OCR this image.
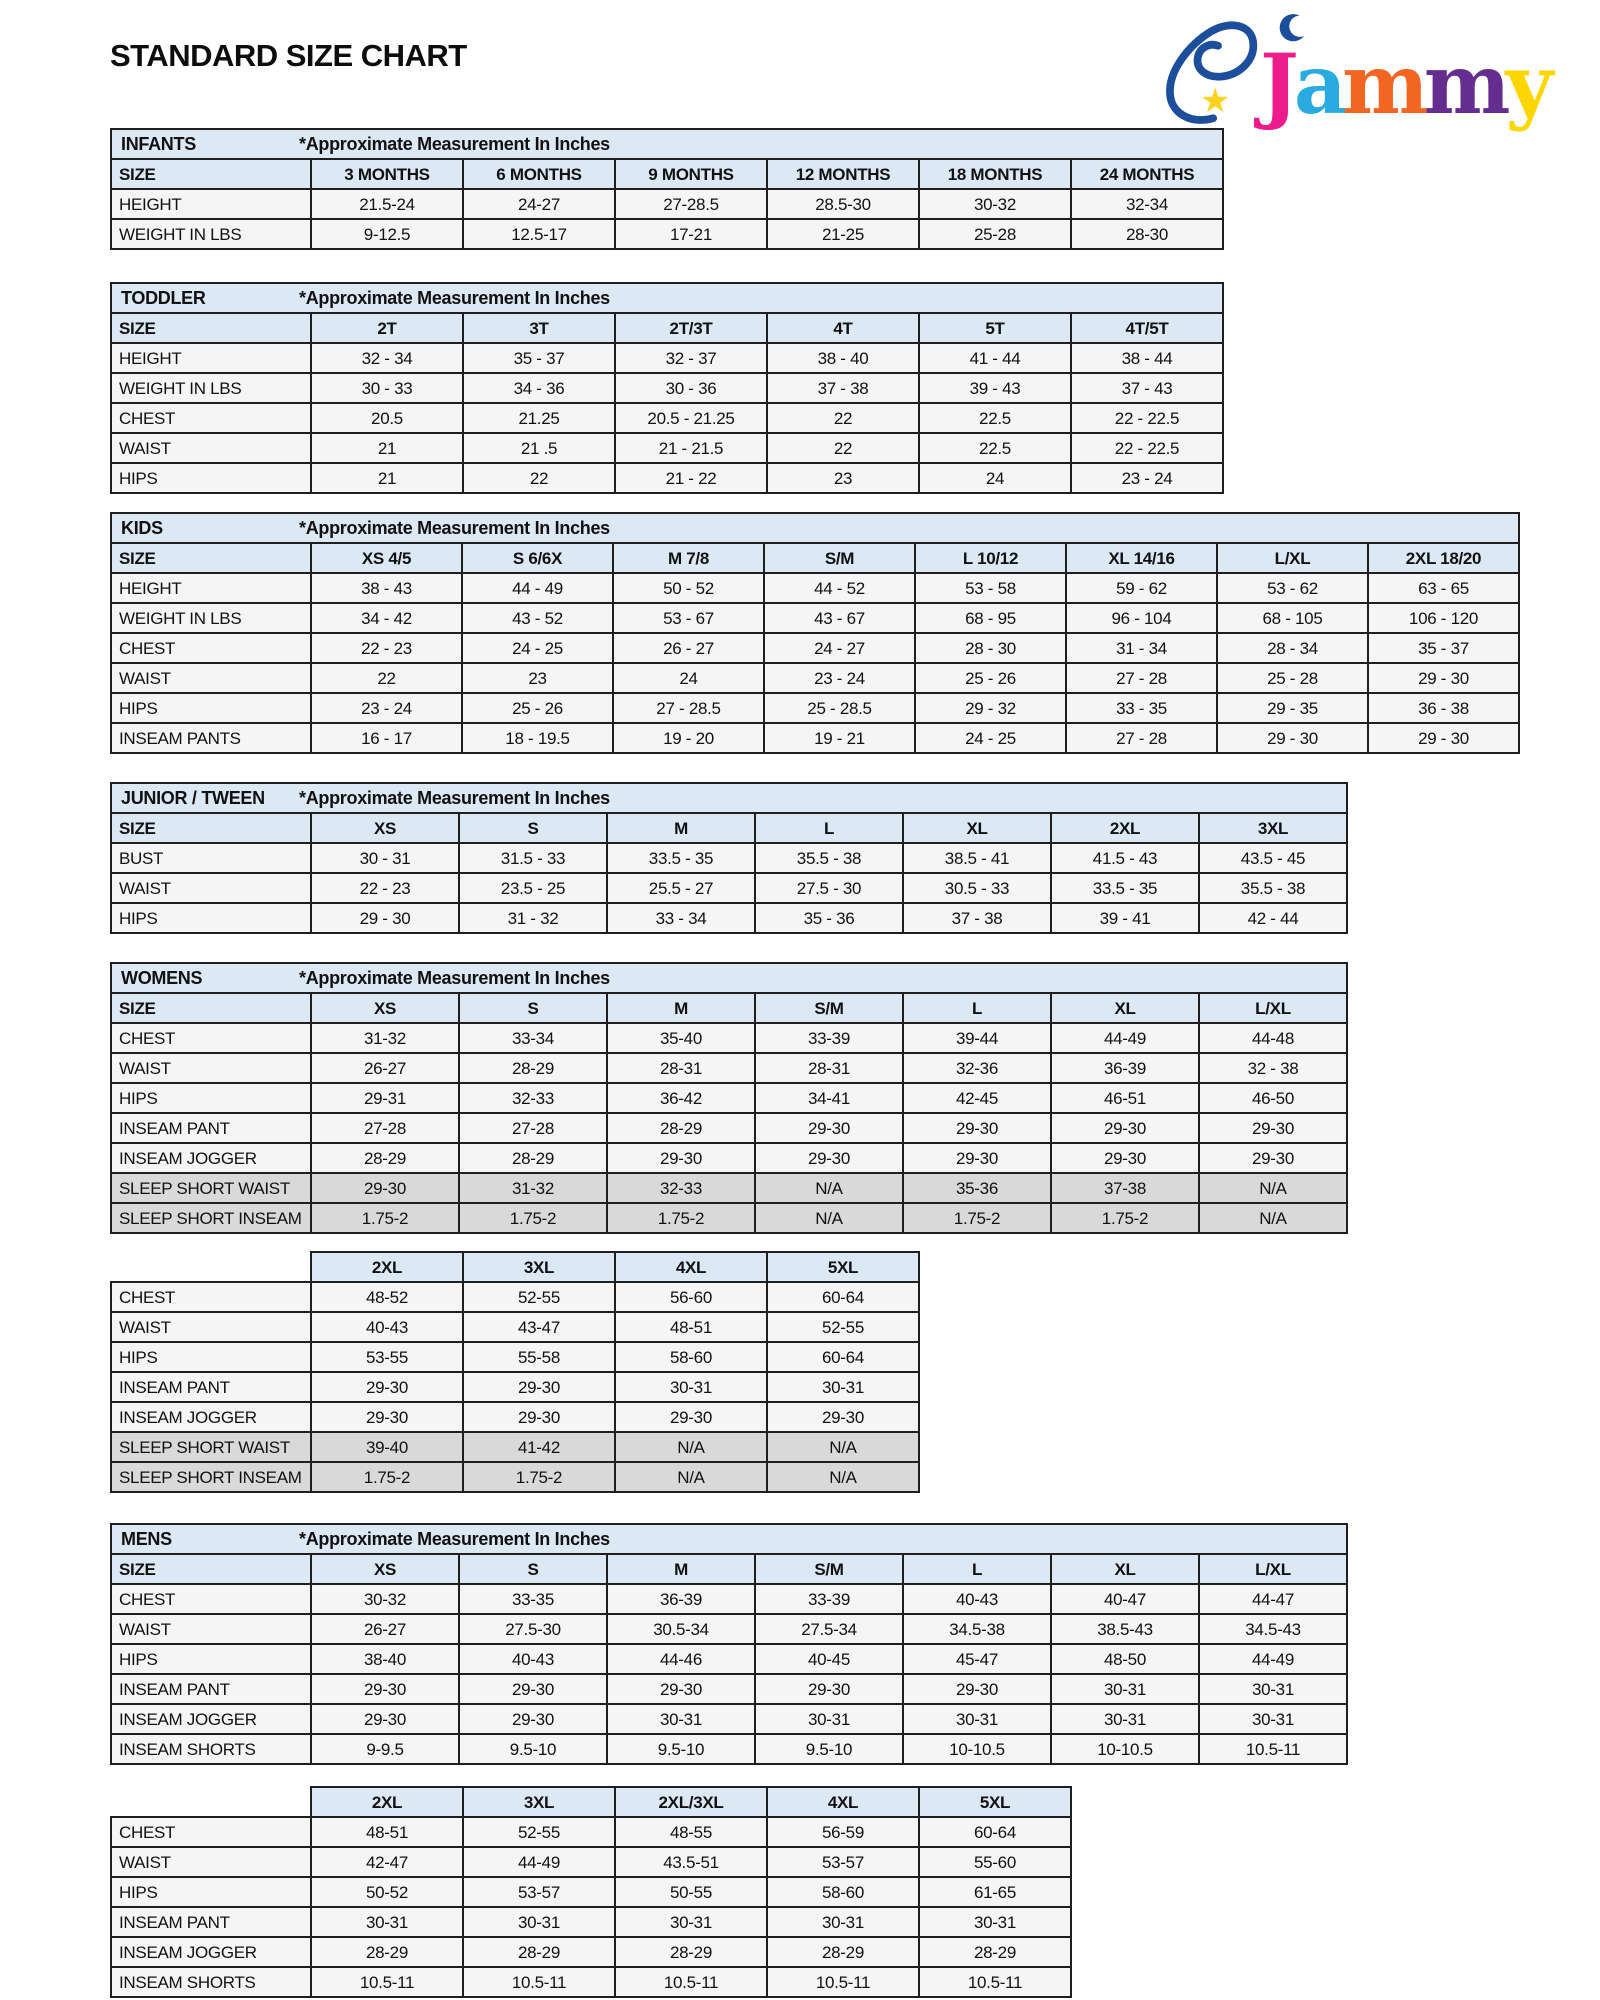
STANDARD SIZE CHART
★ J a m m y
INFANTS *Approximate Measurement In Inches						
SIZE	3 MONTHS	6 MONTHS	9 MONTHS	12 MONTHS	18 MONTHS	24 MONTHS
HEIGHT	21.5-24	24-27	27-28.5	28.5-30	30-32	32-34
WEIGHT IN LBS	9-12.5	12.5-17	17-21	21-25	25-28	28-30
TODDLER *Approximate Measurement In Inches						
SIZE	2T	3T	2T/3T	4T	5T	4T/5T
HEIGHT	32 - 34	35 - 37	32 - 37	38 - 40	41 - 44	38 - 44
WEIGHT IN LBS	30 - 33	34 - 36	30 - 36	37 - 38	39 - 43	37 - 43
CHEST	20.5	21.25	20.5 - 21.25	22	22.5	22 - 22.5
WAIST	21	21 .5	21 - 21.5	22	22.5	22 - 22.5
HIPS	21	22	21 - 22	23	24	23 - 24
KIDS *Approximate Measurement In Inches								
SIZE	XS 4/5	S 6/6X	M 7/8	S/M	L 10/12	XL 14/16	L/XL	2XL 18/20
HEIGHT	38 - 43	44 - 49	50 - 52	44 - 52	53 - 58	59 - 62	53 - 62	63 - 65
WEIGHT IN LBS	34 - 42	43 - 52	53 - 67	43 - 67	68 - 95	96 - 104	68 - 105	106 - 120
CHEST	22 - 23	24 - 25	26 - 27	24 - 27	28 - 30	31 - 34	28 - 34	35 - 37
WAIST	22	23	24	23 - 24	25 - 26	27 - 28	25 - 28	29 - 30
HIPS	23 - 24	25 - 26	27 - 28.5	25 - 28.5	29 - 32	33 - 35	29 - 35	36 - 38
INSEAM PANTS	16 - 17	18 - 19.5	19 - 20	19 - 21	24 - 25	27 - 28	29 - 30	29 - 30
JUNIOR / TWEEN *Approximate Measurement In Inches							
SIZE	XS	S	M	L	XL	2XL	3XL
BUST	30 - 31	31.5 - 33	33.5 - 35	35.5 - 38	38.5 - 41	41.5 - 43	43.5 - 45
WAIST	22 - 23	23.5 - 25	25.5 - 27	27.5 - 30	30.5 - 33	33.5 - 35	35.5 - 38
HIPS	29 - 30	31 - 32	33 - 34	35 - 36	37 - 38	39 - 41	42 - 44
WOMENS *Approximate Measurement In Inches							
SIZE	XS	S	M	S/M	L	XL	L/XL
CHEST	31-32	33-34	35-40	33-39	39-44	44-49	44-48
WAIST	26-27	28-29	28-31	28-31	32-36	36-39	32 - 38
HIPS	29-31	32-33	36-42	34-41	42-45	46-51	46-50
INSEAM PANT	27-28	27-28	28-29	29-30	29-30	29-30	29-30
INSEAM JOGGER	28-29	28-29	29-30	29-30	29-30	29-30	29-30
SLEEP SHORT WAIST	29-30	31-32	32-33	N/A	35-36	37-38	N/A
SLEEP SHORT INSEAM	1.75-2	1.75-2	1.75-2	N/A	1.75-2	1.75-2	N/A
	2XL	3XL	4XL	5XL
CHEST	48-52	52-55	56-60	60-64
WAIST	40-43	43-47	48-51	52-55
HIPS	53-55	55-58	58-60	60-64
INSEAM PANT	29-30	29-30	30-31	30-31
INSEAM JOGGER	29-30	29-30	29-30	29-30
SLEEP SHORT WAIST	39-40	41-42	N/A	N/A
SLEEP SHORT INSEAM	1.75-2	1.75-2	N/A	N/A
MENS *Approximate Measurement In Inches							
SIZE	XS	S	M	S/M	L	XL	L/XL
CHEST	30-32	33-35	36-39	33-39	40-43	40-47	44-47
WAIST	26-27	27.5-30	30.5-34	27.5-34	34.5-38	38.5-43	34.5-43
HIPS	38-40	40-43	44-46	40-45	45-47	48-50	44-49
INSEAM PANT	29-30	29-30	29-30	29-30	29-30	30-31	30-31
INSEAM JOGGER	29-30	29-30	30-31	30-31	30-31	30-31	30-31
INSEAM SHORTS	9-9.5	9.5-10	9.5-10	9.5-10	10-10.5	10-10.5	10.5-11
	2XL	3XL	2XL/3XL	4XL	5XL
CHEST	48-51	52-55	48-55	56-59	60-64
WAIST	42-47	44-49	43.5-51	53-57	55-60
HIPS	50-52	53-57	50-55	58-60	61-65
INSEAM PANT	30-31	30-31	30-31	30-31	30-31
INSEAM JOGGER	28-29	28-29	28-29	28-29	28-29
INSEAM SHORTS	10.5-11	10.5-11	10.5-11	10.5-11	10.5-11
